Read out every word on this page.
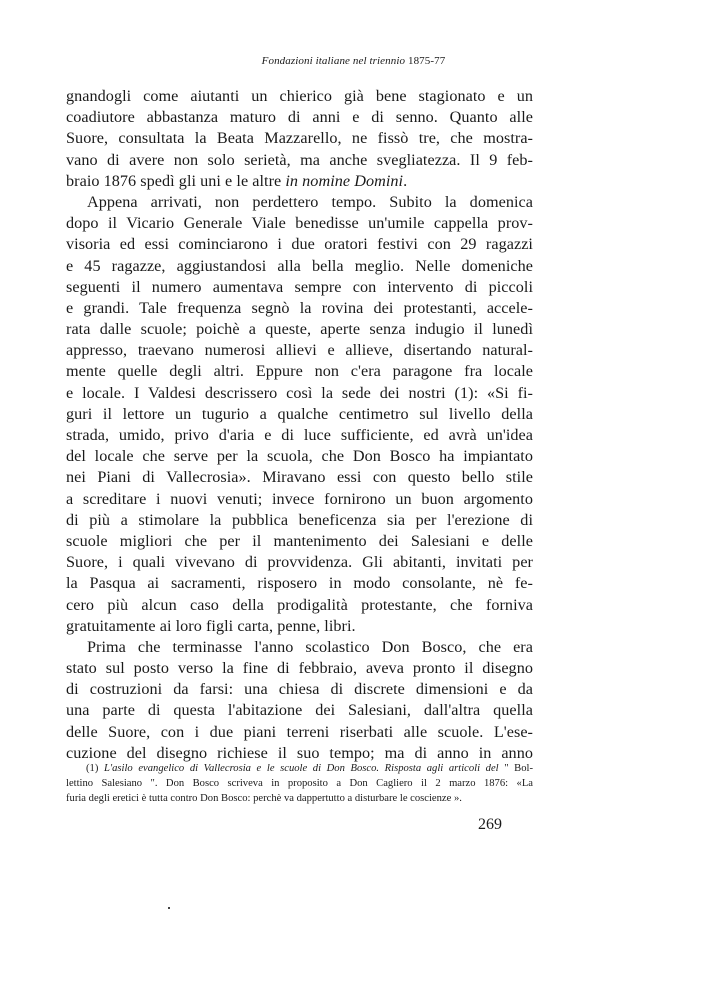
Fondazioni italiane nel triennio 1875-77
gnandogli come aiutanti un chierico già bene stagionato e un
coadiutore abbastanza maturo di anni e di senno. Quanto alle
Suore, consultata la Beata Mazzarello, ne fissò tre, che mostra-
vano di avere non solo serietà, ma anche svegliatezza. Il 9 feb-
braio 1876 spedì gli uni e le altre in nomine Domini.
Appena arrivati, non perdettero tempo. Subito la domenica
dopo il Vicario Generale Viale benedisse un'umile cappella prov-
visoria ed essi cominciarono i due oratori festivi con 29 ragazzi
e 45 ragazze, aggiustandosi alla bella meglio. Nelle domeniche
seguenti il numero aumentava sempre con intervento di piccoli
e grandi. Tale frequenza segnò la rovina dei protestanti, accele-
rata dalle scuole; poichè a queste, aperte senza indugio il lunedì
appresso, traevano numerosi allievi e allieve, disertando natural-
mente quelle degli altri. Eppure non c'era paragone fra locale
e locale. I Valdesi descrissero così la sede dei nostri (1): «Si fi-
guri il lettore un tugurio a qualche centimetro sul livello della
strada, umido, privo d'aria e di luce sufficiente, ed avrà un'idea
del locale che serve per la scuola, che Don Bosco ha impiantato
nei Piani di Vallecrosia». Miravano essi con questo bello stile
a screditare i nuovi venuti; invece fornirono un buon argomento
di più a stimolare la pubblica beneficenza sia per l'erezione di
scuole migliori che per il mantenimento dei Salesiani e delle
Suore, i quali vivevano di provvidenza. Gli abitanti, invitati per
la Pasqua ai sacramenti, risposero in modo consolante, nè fe-
cero più alcun caso della prodigalità protestante, che forniva
gratuitamente ai loro figli carta, penne, libri.
Prima che terminasse l'anno scolastico Don Bosco, che era
stato sul posto verso la fine di febbraio, aveva pronto il disegno
di costruzioni da farsi: una chiesa di discrete dimensioni e da
una parte di questa l'abitazione dei Salesiani, dall'altra quella
delle Suore, con i due piani terreni riserbati alle scuole. L'ese-
cuzione del disegno richiese il suo tempo; ma di anno in anno
(1) L'asilo evangelico di Vallecrosia e le scuole di Don Bosco. Risposta agli articoli del " Bol-
lettino Salesiano ". Don Bosco scriveva in proposito a Don Cagliero il 2 marzo 1876: «La
furia degli eretici è tutta contro Don Bosco: perchè va dappertutto a disturbare le coscienze ».
269
